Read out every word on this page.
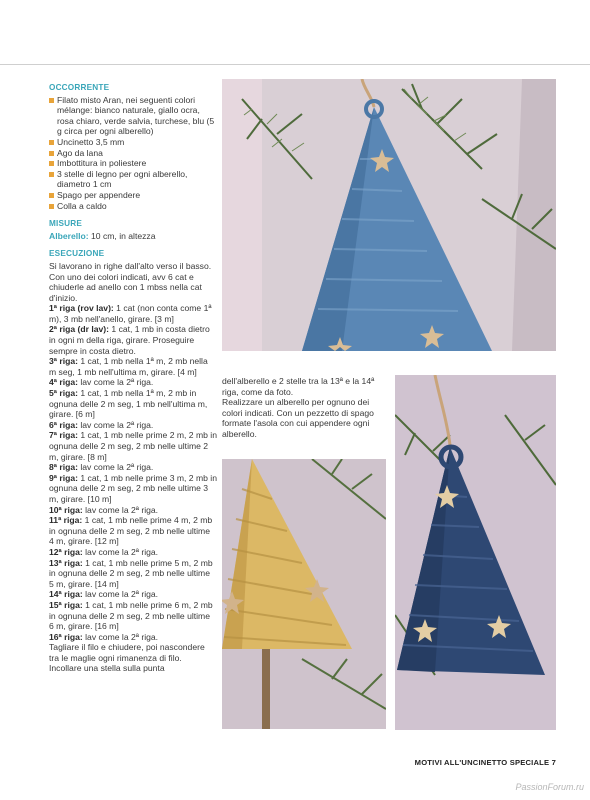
OCCORRENTE
Filato misto Aran, nei seguenti colori mélange: bianco naturale, giallo ocra, rosa chiaro, verde salvia, turchese, blu (5 g circa per ogni alberello)
Uncinetto 3,5 mm
Ago da lana
Imbottitura in poliestere
3 stelle di legno per ogni alberello, diametro 1 cm
Spago per appendere
Colla a caldo
MISURE
Alberello: 10 cm, in altezza
ESECUZIONE

Si lavorano in righe dall'alto verso il basso.

Con uno dei colori indicati, avv 6 cat e chiuderle ad anello con 1 mbss nella cat d'inizio.

1ª riga (rov lav): 1 cat (non conta come 1ª m), 3 mb nell'anello, girare. [3 m]

2ª riga (dr lav): 1 cat, 1 mb in costa dietro in ogni m della riga, girare. Proseguire sempre in costa dietro.

3ª riga: 1 cat, 1 mb nella 1ª m, 2 mb nella m seg, 1 mb nell'ultima m, girare. [4 m]

4ª riga: lav come la 2ª riga.

5ª riga: 1 cat, 1 mb nella 1ª m, 2 mb in ognuna delle 2 m seg, 1 mb nell'ultima m, girare. [6 m]

6ª riga: lav come la 2ª riga.

7ª riga: 1 cat, 1 mb nelle prime 2 m, 2 mb in ognuna delle 2 m seg, 2 mb nelle ultime 2 m, girare. [8 m]

8ª riga: lav come la 2ª riga.

9ª riga: 1 cat, 1 mb nelle prime 3 m, 2 mb in ognuna delle 2 m seg, 2 mb nelle ultime 3 m, girare. [10 m]

10ª riga: lav come la 2ª riga.

11ª riga: 1 cat, 1 mb nelle prime 4 m, 2 mb in ognuna delle 2 m seg, 2 mb nelle ultime 4 m, girare. [12 m]

12ª riga: lav come la 2ª riga.

13ª riga: 1 cat, 1 mb nelle prime 5 m, 2 mb in ognuna delle 2 m seg, 2 mb nelle ultime 5 m, girare. [14 m]

14ª riga: lav come la 2ª riga.

15ª riga: 1 cat, 1 mb nelle prime 6 m, 2 mb in ognuna delle 2 m seg, 2 mb nelle ultime 6 m, girare. [16 m]

16ª riga: lav come la 2ª riga.

Tagliare il filo e chiudere, poi nascondere tra le maglie ogni rimanenza di filo.

Incollare una stella sulla punta

dell'alberello e 2 stelle tra la 13ª e la 14ª riga, come da foto.

Realizzare un alberello per ognuno dei colori indicati. Con un pezzetto di spago formate l'asola con cui appendere ogni alberello.

MOTIVI ALL'UNCINETTO SPECIALE 7
PassionForum.ru
